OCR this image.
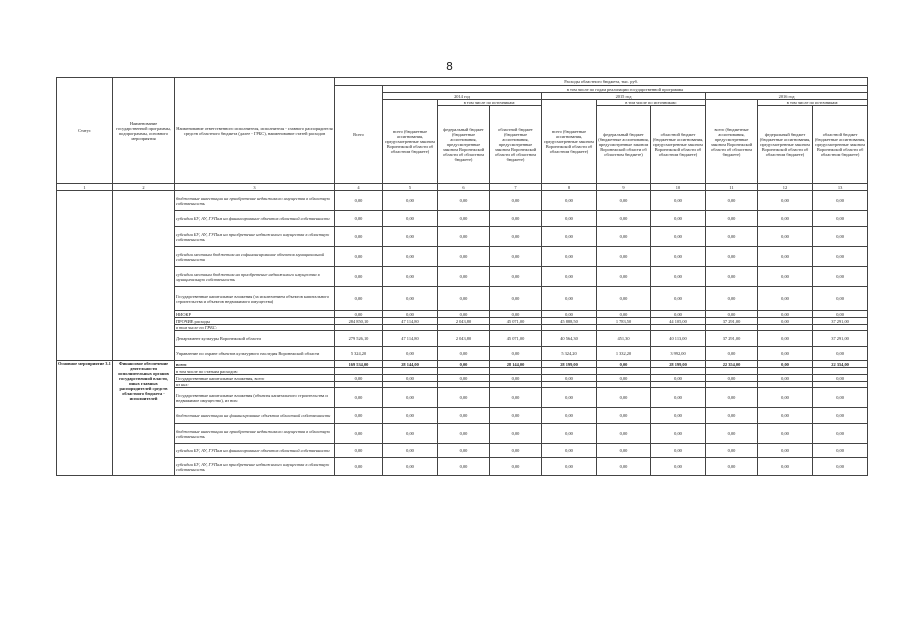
8
Статус	Наименование государственной программы, подпрограммы, основного мероприятия	Наименование ответственного исполнителя, исполнителя - главного распорядителя средств областного бюджета (далее - ГРБС), наименование статей расходов	Расходы областного бюджета, тыс. руб.									
			Всего	в том числе по годам реализации государственной программы								
				2014 год			2015 год			2016 год		
				всего (бюджетные ассигнования, предусмотренные законом Воронежской области об областном бюджете)	в том числе по источникам:		всего (бюджетные ассигнования, предусмотренные законом Воронежской области об областном бюджете)	в том числе по источникам:		всего (бюджетные ассигнования, предусмотренные законом Воронежской области об областном бюджете)	в том числе по источникам:	
					федеральный бюджет (бюджетные ассигнования, предусмотренные законом Воронежской области об областном бюджете)	областной бюджет (бюджетные ассигнования, предусмотренные законом Воронежской области об областном бюджете)		федеральный бюджет (бюджетные ассигнования, предусмотренные законом Воронежской области об областном бюджете)	областной бюджет (бюджетные ассигнования, предусмотренные законом Воронежской области об областном бюджете)		федеральный бюджет (бюджетные ассигнования, предусмотренные законом Воронежской области об областном бюджете)	областной бюджет (бюджетные ассигнования, предусмотренные законом Воронежской области об областном бюджете)
1	2	3	4	5	6	7	8	9	10	11	12	13
		бюджетные инвестиции на приобретение недвижимого имущества в областную собственность	0,00	0,00	0,00	0,00	0,00	0,00	0,00	0,00	0,00	0,00
		субсидии БУ, АУ, ГУПам на финансирование объектов областной собственности	0,00	0,00	0,00	0,00	0,00	0,00	0,00	0,00	0,00	0,00
		субсидии БУ, АУ, ГУПам на приобретение недвижимого имущества в областную собственность	0,00	0,00	0,00	0,00	0,00	0,00	0,00	0,00	0,00	0,00
		субсидии местным бюджетам на софинансирование объектов муниципальной собственности	0,00	0,00	0,00	0,00	0,00	0,00	0,00	0,00	0,00	0,00
		субсидии местным бюджетам на приобретение недвижимого имущества в муниципальную собственность	0,00	0,00	0,00	0,00	0,00	0,00	0,00	0,00	0,00	0,00
		Государственные капитальные вложения (за исключением объектов капитального строительства и объектов недвижимого имущества)	0,00	0,00	0,00	0,00	0,00	0,00	0,00	0,00	0,00	0,00
		НИОКР	0,00	0,00	0,00	0,00	0,00	0,00	0,00	0,00	0,00	0,00
		ПРОЧИЕ расходы	284 850,10	47 114,80	2 043,80	45 071,00	45 888,50	1 783,50	44 105,00	37 291,00	0,00	37 291,00
		в том числе по ГРБС:										
		Департамент культуры Воронежской области	279 526,10	47 114,80	2 043,80	45 071,00	40 564,30	451,30	40 113,00	37 291,00	0,00	37 291,00
		Управление по охране объектов культурного наследия Воронежской области	5 324,20	0,00	0,00	0,00	5 324,20	1 332,20	3 992,00	0,00	0,00	0,00
Основное мероприятие 3.1	Финансовое обеспечение деятельности исполнительных органов государственной власти, иных главных распорядителей средств областного бюджета - исполнителей	всего	169 534,00	28 144,00	0,00	28 144,00	28 199,00	0,00	28 199,00	22 354,00	0,00	22 354,00
		в том числе по статьям расходов:										
		Государственные капитальные вложения, всего	0,00	0,00	0,00	0,00	0,00	0,00	0,00	0,00	0,00	0,00
		из них:										
		Государственные капитальные вложения (объекты капитального строительства и недвижимое имущество), из них:	0,00	0,00	0,00	0,00	0,00	0,00	0,00	0,00	0,00	0,00
		бюджетные инвестиции на финансирование объектов областной собственности	0,00	0,00	0,00	0,00	0,00	0,00	0,00	0,00	0,00	0,00
		бюджетные инвестиции на приобретение недвижимого имущества в областную собственность	0,00	0,00	0,00	0,00	0,00	0,00	0,00	0,00	0,00	0,00
		субсидии БУ, АУ, ГУПам на финансирование объектов областной собственности	0,00	0,00	0,00	0,00	0,00	0,00	0,00	0,00	0,00	0,00
		субсидии БУ, АУ, ГУПам на приобретение недвижимого имущества в областную собственность	0,00	0,00	0,00	0,00	0,00	0,00	0,00	0,00	0,00	0,00
